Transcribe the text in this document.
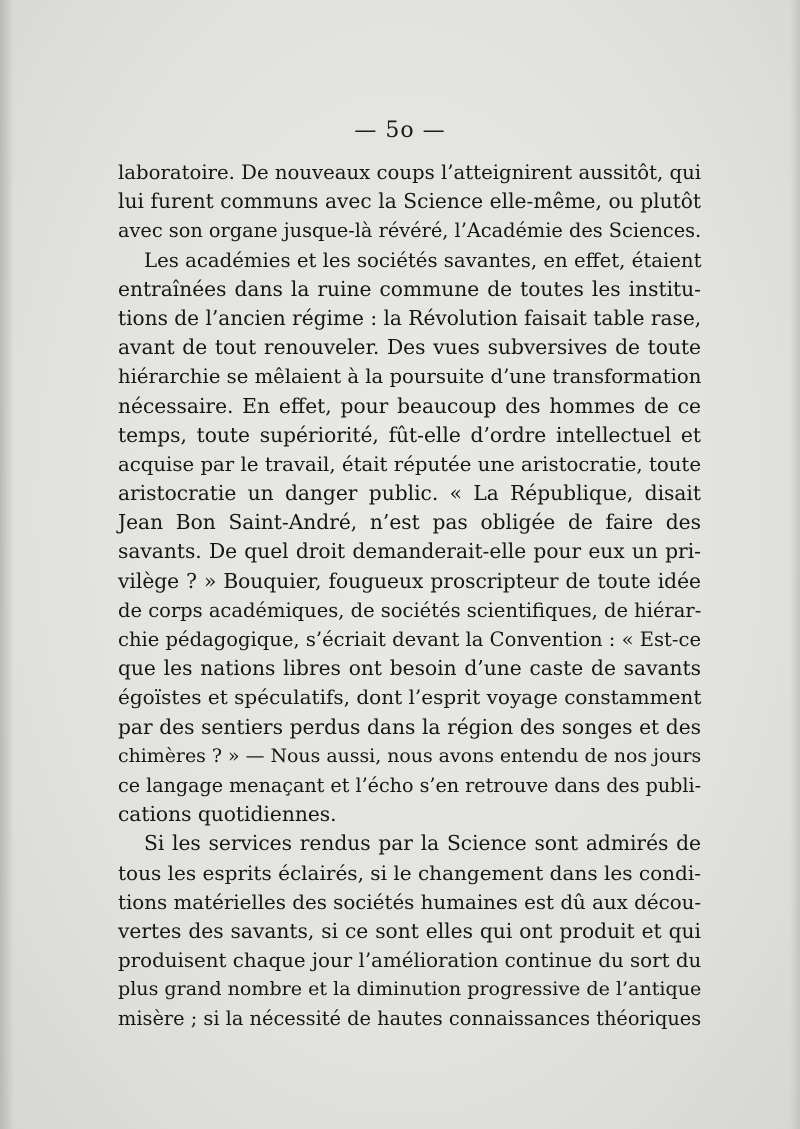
— 5o —
laboratoire. De nouveaux coups l’atteignirent aussitôt, qui
lui furent communs avec la Science elle-même, ou plutôt
avec son organe jusque-là révéré, l’Académie des Sciences.
Les académies et les sociétés savantes, en effet, étaient
entraînées dans la ruine commune de toutes les institu-
tions de l’ancien régime : la Révolution faisait table rase,
avant de tout renouveler. Des vues subversives de toute
hiérarchie se mêlaient à la poursuite d’une transformation
nécessaire. En effet, pour beaucoup des hommes de ce
temps, toute supériorité, fût-elle d’ordre intellectuel et
acquise par le travail, était réputée une aristocratie, toute
aristocratie un danger public. « La République, disait
Jean Bon Saint-André, n’est pas obligée de faire des
savants. De quel droit demanderait-elle pour eux un pri-
vilège ? » Bouquier, fougueux proscripteur de toute idée
de corps académiques, de sociétés scientifiques, de hiérar-
chie pédagogique, s’écriait devant la Convention : « Est-ce
que les nations libres ont besoin d’une caste de savants
égoïstes et spéculatifs, dont l’esprit voyage constamment
par des sentiers perdus dans la région des songes et des
chimères ? » — Nous aussi, nous avons entendu de nos jours
ce langage menaçant et l’écho s’en retrouve dans des publi-
cations quotidiennes.
Si les services rendus par la Science sont admirés de
tous les esprits éclairés, si le changement dans les condi-
tions matérielles des sociétés humaines est dû aux décou-
vertes des savants, si ce sont elles qui ont produit et qui
produisent chaque jour l’amélioration continue du sort du
plus grand nombre et la diminution progressive de l’antique
misère ; si la nécessité de hautes connaissances théoriques
